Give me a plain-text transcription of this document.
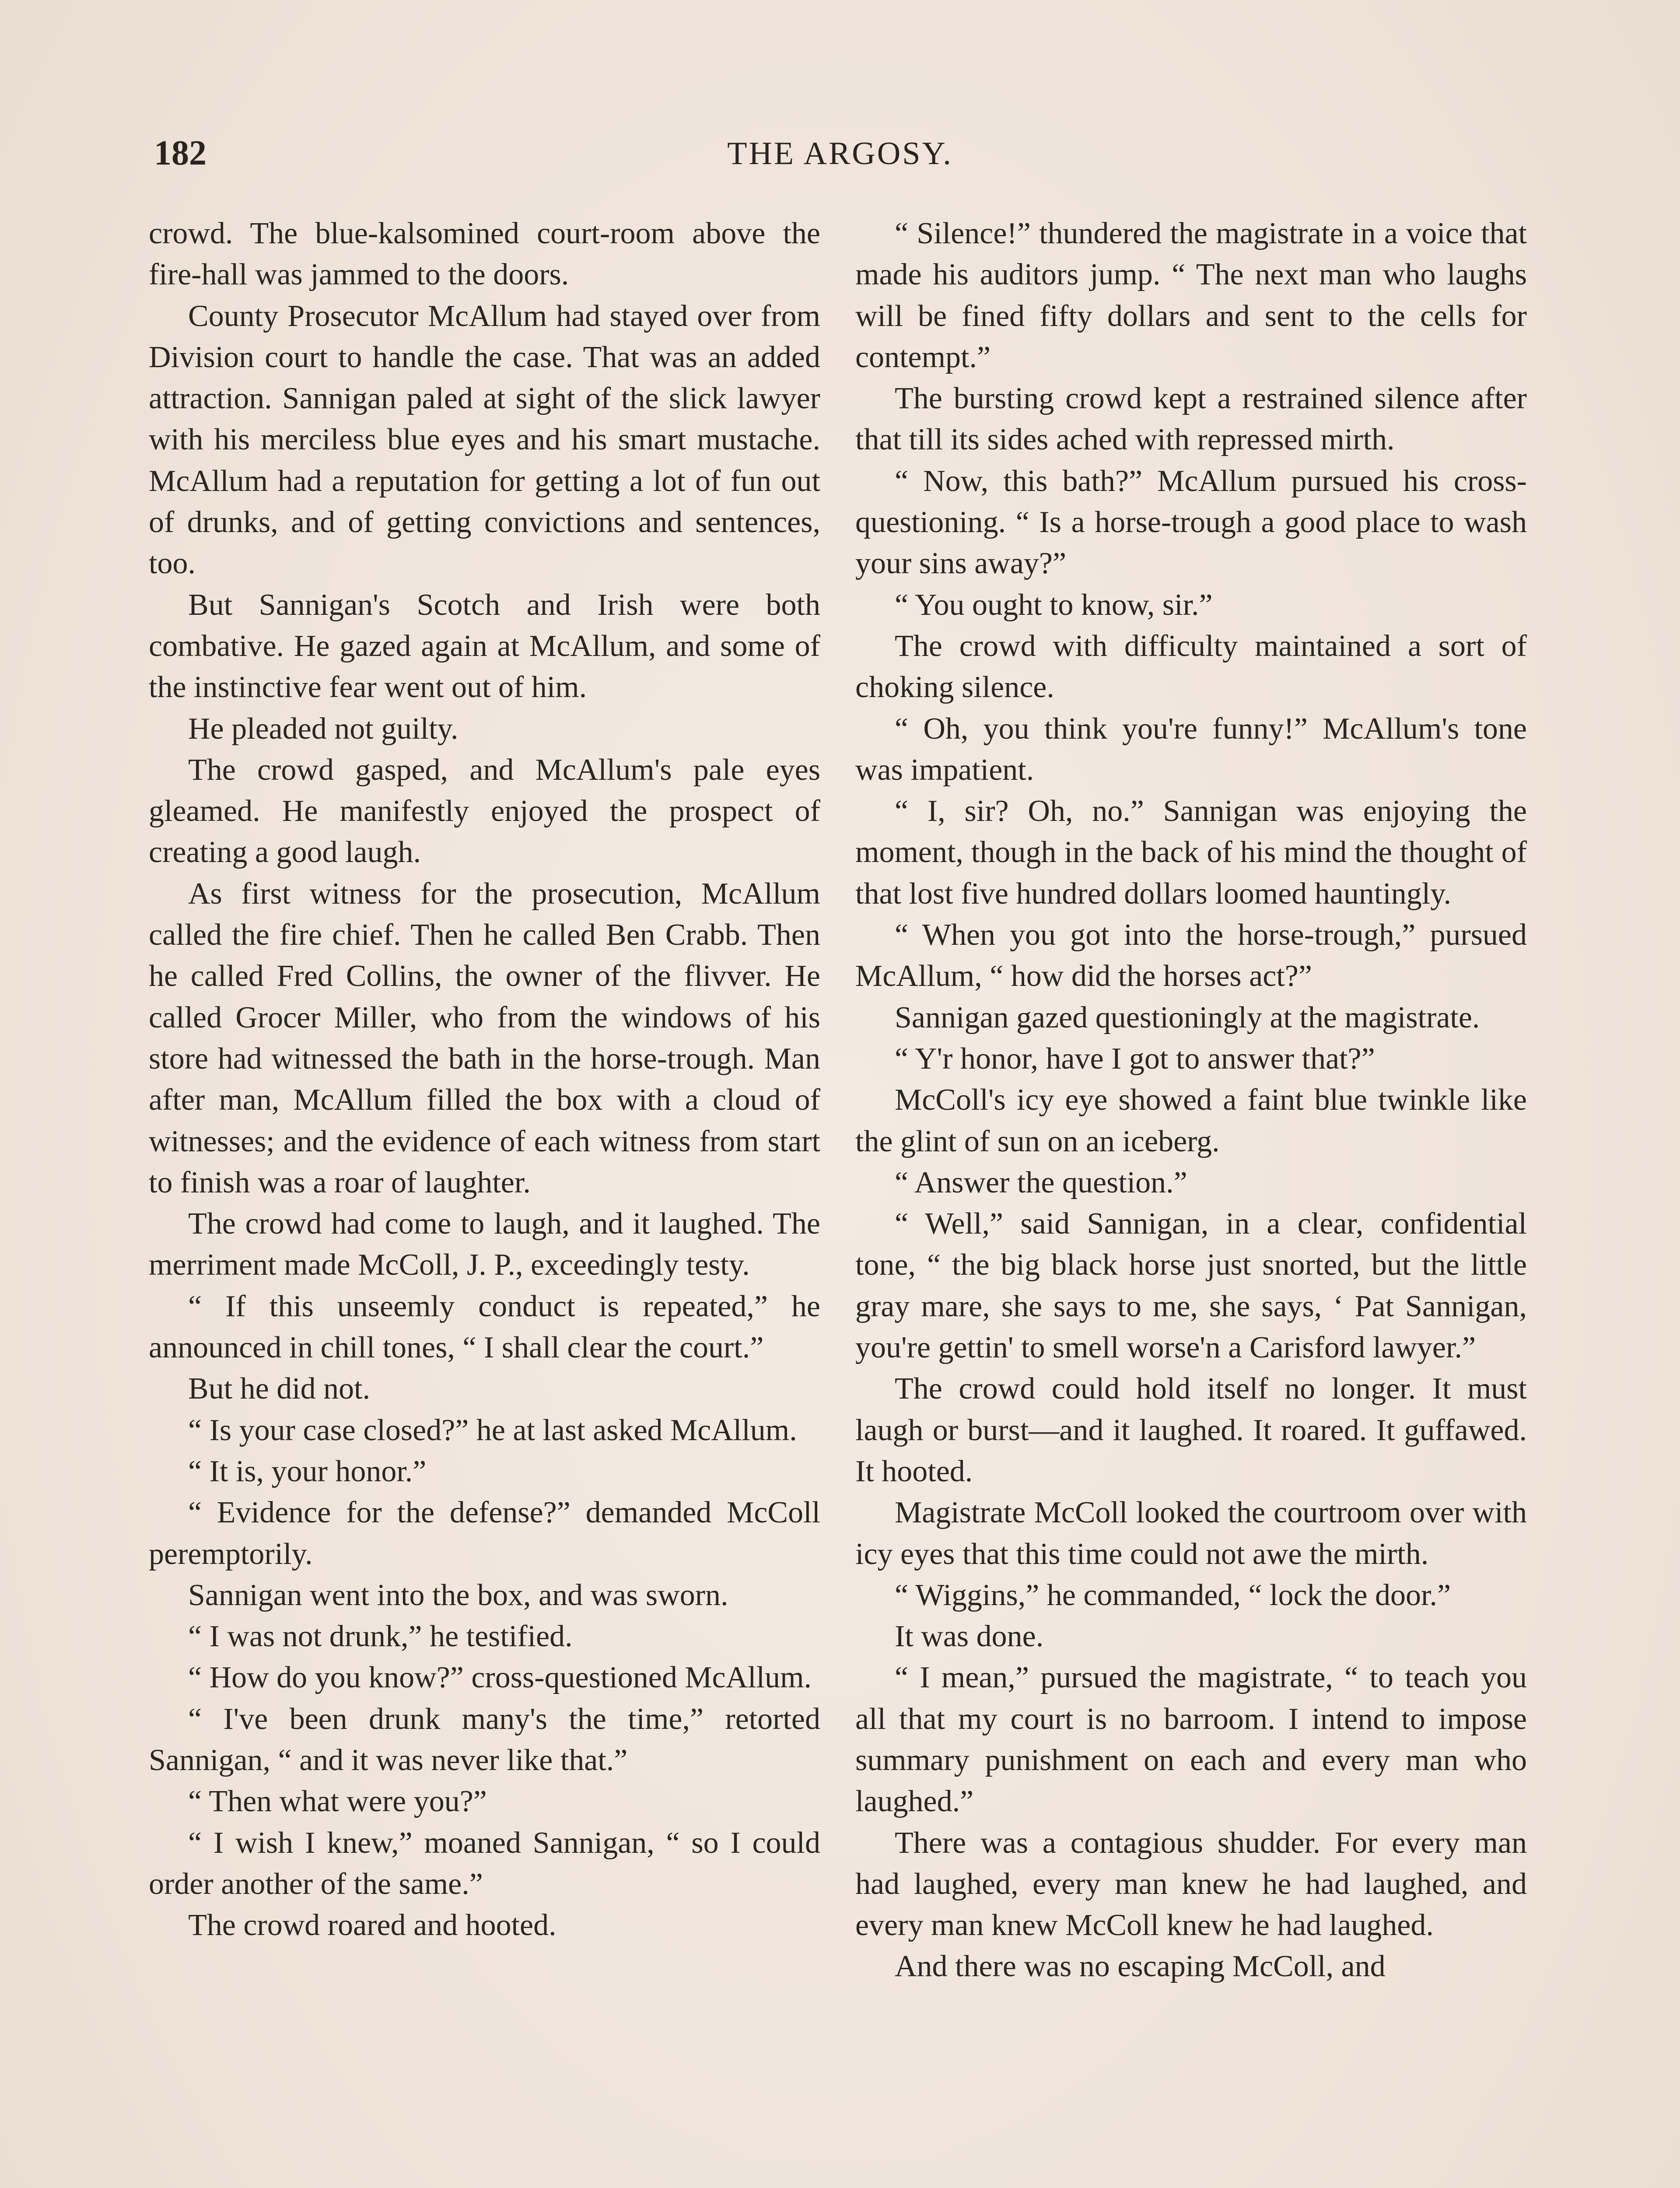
182	THE ARGOSY.

crowd. The blue-kalsomined court-room above the fire-hall was jammed to the doors.

County Prosecutor McAllum had stayed over from Division court to handle the case. That was an added attraction. Sannigan paled at sight of the slick lawyer with his merciless blue eyes and his smart mustache. McAllum had a reputation for getting a lot of fun out of drunks, and of getting convictions and sentences, too.

But Sannigan's Scotch and Irish were both combative. He gazed again at McAllum, and some of the instinctive fear went out of him.

He pleaded not guilty.

The crowd gasped, and McAllum's pale eyes gleamed. He manifestly enjoyed the prospect of creating a good laugh.

As first witness for the prosecution, McAllum called the fire chief. Then he called Ben Crabb. Then he called Fred Collins, the owner of the flivver. He called Grocer Miller, who from the windows of his store had witnessed the bath in the horse-trough. Man after man, McAllum filled the box with a cloud of witnesses; and the evidence of each witness from start to finish was a roar of laughter.

The crowd had come to laugh, and it laughed. The merriment made McColl, J. P., exceedingly testy.

“ If this unseemly conduct is repeated,” he announced in chill tones, “ I shall clear the court.”

But he did not.

“ Is your case closed?” he at last asked McAllum.

“ It is, your honor.”

“ Evidence for the defense?” demanded McColl peremptorily.

Sannigan went into the box, and was sworn.

“ I was not drunk,” he testified.

“ How do you know?” cross-questioned McAllum.

“ I've been drunk many's the time,” retorted Sannigan, “ and it was never like that.”

“ Then what were you?”

“ I wish I knew,” moaned Sannigan, “ so I could order another of the same.”

The crowd roared and hooted.

“ Silence!” thundered the magistrate in a voice that made his auditors jump. “ The next man who laughs will be fined fifty dollars and sent to the cells for contempt.”

The bursting crowd kept a restrained silence after that till its sides ached with repressed mirth.

“ Now, this bath?” McAllum pursued his cross-questioning. “ Is a horse-trough a good place to wash your sins away?”

“ You ought to know, sir.”

The crowd with difficulty maintained a sort of choking silence.

“ Oh, you think you're funny!” McAllum's tone was impatient.

“ I, sir? Oh, no.” Sannigan was enjoying the moment, though in the back of his mind the thought of that lost five hundred dollars loomed hauntingly.

“ When you got into the horse-trough,” pursued McAllum, “ how did the horses act?”

Sannigan gazed questioningly at the magistrate.

“ Y'r honor, have I got to answer that?”

McColl's icy eye showed a faint blue twinkle like the glint of sun on an iceberg.

“ Answer the question.”

“ Well,” said Sannigan, in a clear, confidential tone, “ the big black horse just snorted, but the little gray mare, she says to me, she says, ‘ Pat Sannigan, you're gettin' to smell worse'n a Carisford lawyer.”

The crowd could hold itself no longer. It must laugh or burst—and it laughed. It roared. It guffawed. It hooted.

Magistrate McColl looked the courtroom over with icy eyes that this time could not awe the mirth.

“ Wiggins,” he commanded, “ lock the door.”

It was done.

“ I mean,” pursued the magistrate, “ to teach you all that my court is no barroom. I intend to impose summary punishment on each and every man who laughed.”

There was a contagious shudder. For every man had laughed, every man knew he had laughed, and every man knew McColl knew he had laughed.

And there was no escaping McColl, and
